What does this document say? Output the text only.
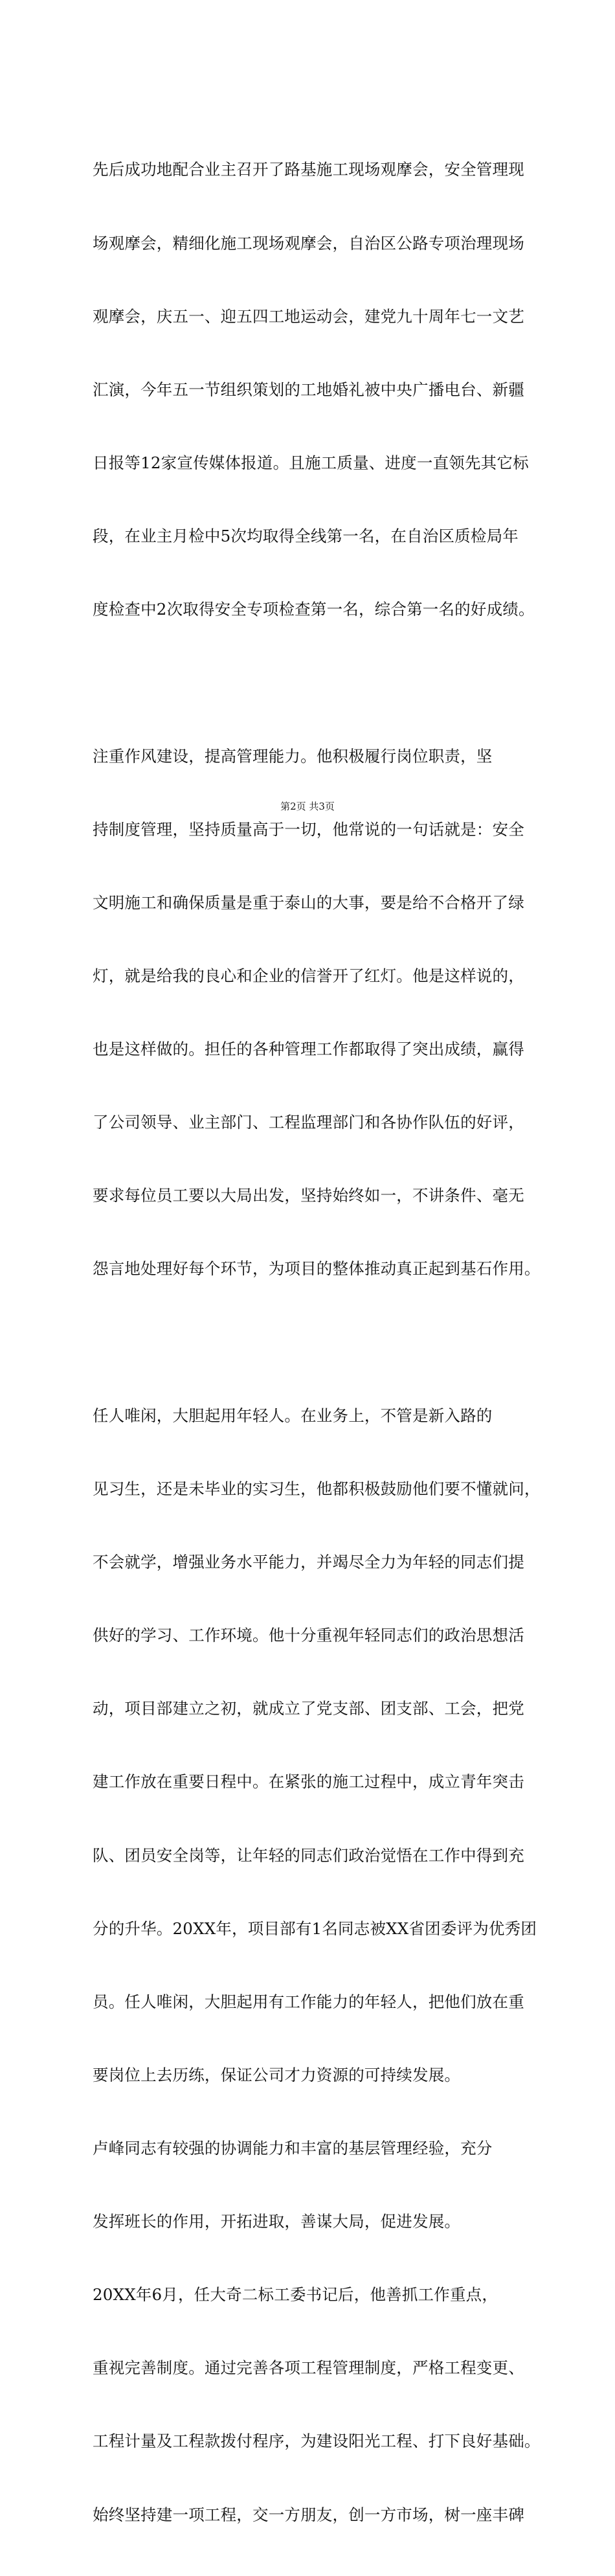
先后成功地配合业主召开了路基施工现场观摩会，安全管理现

场观摩会，精细化施工现场观摩会，自治区公路专项治理现场

观摩会，庆五一、迎五四工地运动会，建党九十周年七一文艺

汇演，今年五一节组织策划的工地婚礼被中央广播电台、新疆

日报等12家宣传媒体报道。且施工质量、进度一直领先其它标

段，在业主月检中5次均取得全线第一名，在自治区质检局年

度检查中2次取得安全专项检查第一名，综合第一名的好成绩。

注重作风建设，提高管理能力。他积极履行岗位职责，坚

持制度管理，坚持质量高于一切，他常说的一句话就是：安全

文明施工和确保质量是重于泰山的大事，要是给不合格开了绿

灯，就是给我的良心和企业的信誉开了红灯。他是这样说的，

也是这样做的。担任的各种管理工作都取得了突出成绩，赢得

了公司领导、业主部门、工程监理部门和各协作队伍的好评，

要求每位员工要以大局出发，坚持始终如一，不讲条件、毫无

怨言地处理好每个环节，为项目的整体推动真正起到基石作用。

任人唯闲，大胆起用年轻人。在业务上，不管是新入路的

见习生，还是未毕业的实习生，他都积极鼓励他们要不懂就问，

不会就学，增强业务水平能力，并竭尽全力为年轻的同志们提

供好的学习、工作环境。他十分重视年轻同志们的政治思想活

动，项目部建立之初，就成立了党支部、团支部、工会，把党

建工作放在重要日程中。在紧张的施工过程中，成立青年突击

队、团员安全岗等，让年轻的同志们政治觉悟在工作中得到充

分的升华。20XX年，项目部有1名同志被XX省团委评为优秀团

员。任人唯闲，大胆起用有工作能力的年轻人，把他们放在重

要岗位上去历练，保证公司才力资源的可持续发展。

卢峰同志有较强的协调能力和丰富的基层管理经验，充分

发挥班长的作用，开拓进取，善谋大局，促进发展。

20XX年6月，任大奇二标工委书记后，他善抓工作重点，

重视完善制度。通过完善各项工程管理制度，严格工程变更、

工程计量及工程款拨付程序，为建设阳光工程、打下良好基础。

始终坚持建一项工程，交一方朋友，创一方市场，树一座丰碑

第2页 共3页
